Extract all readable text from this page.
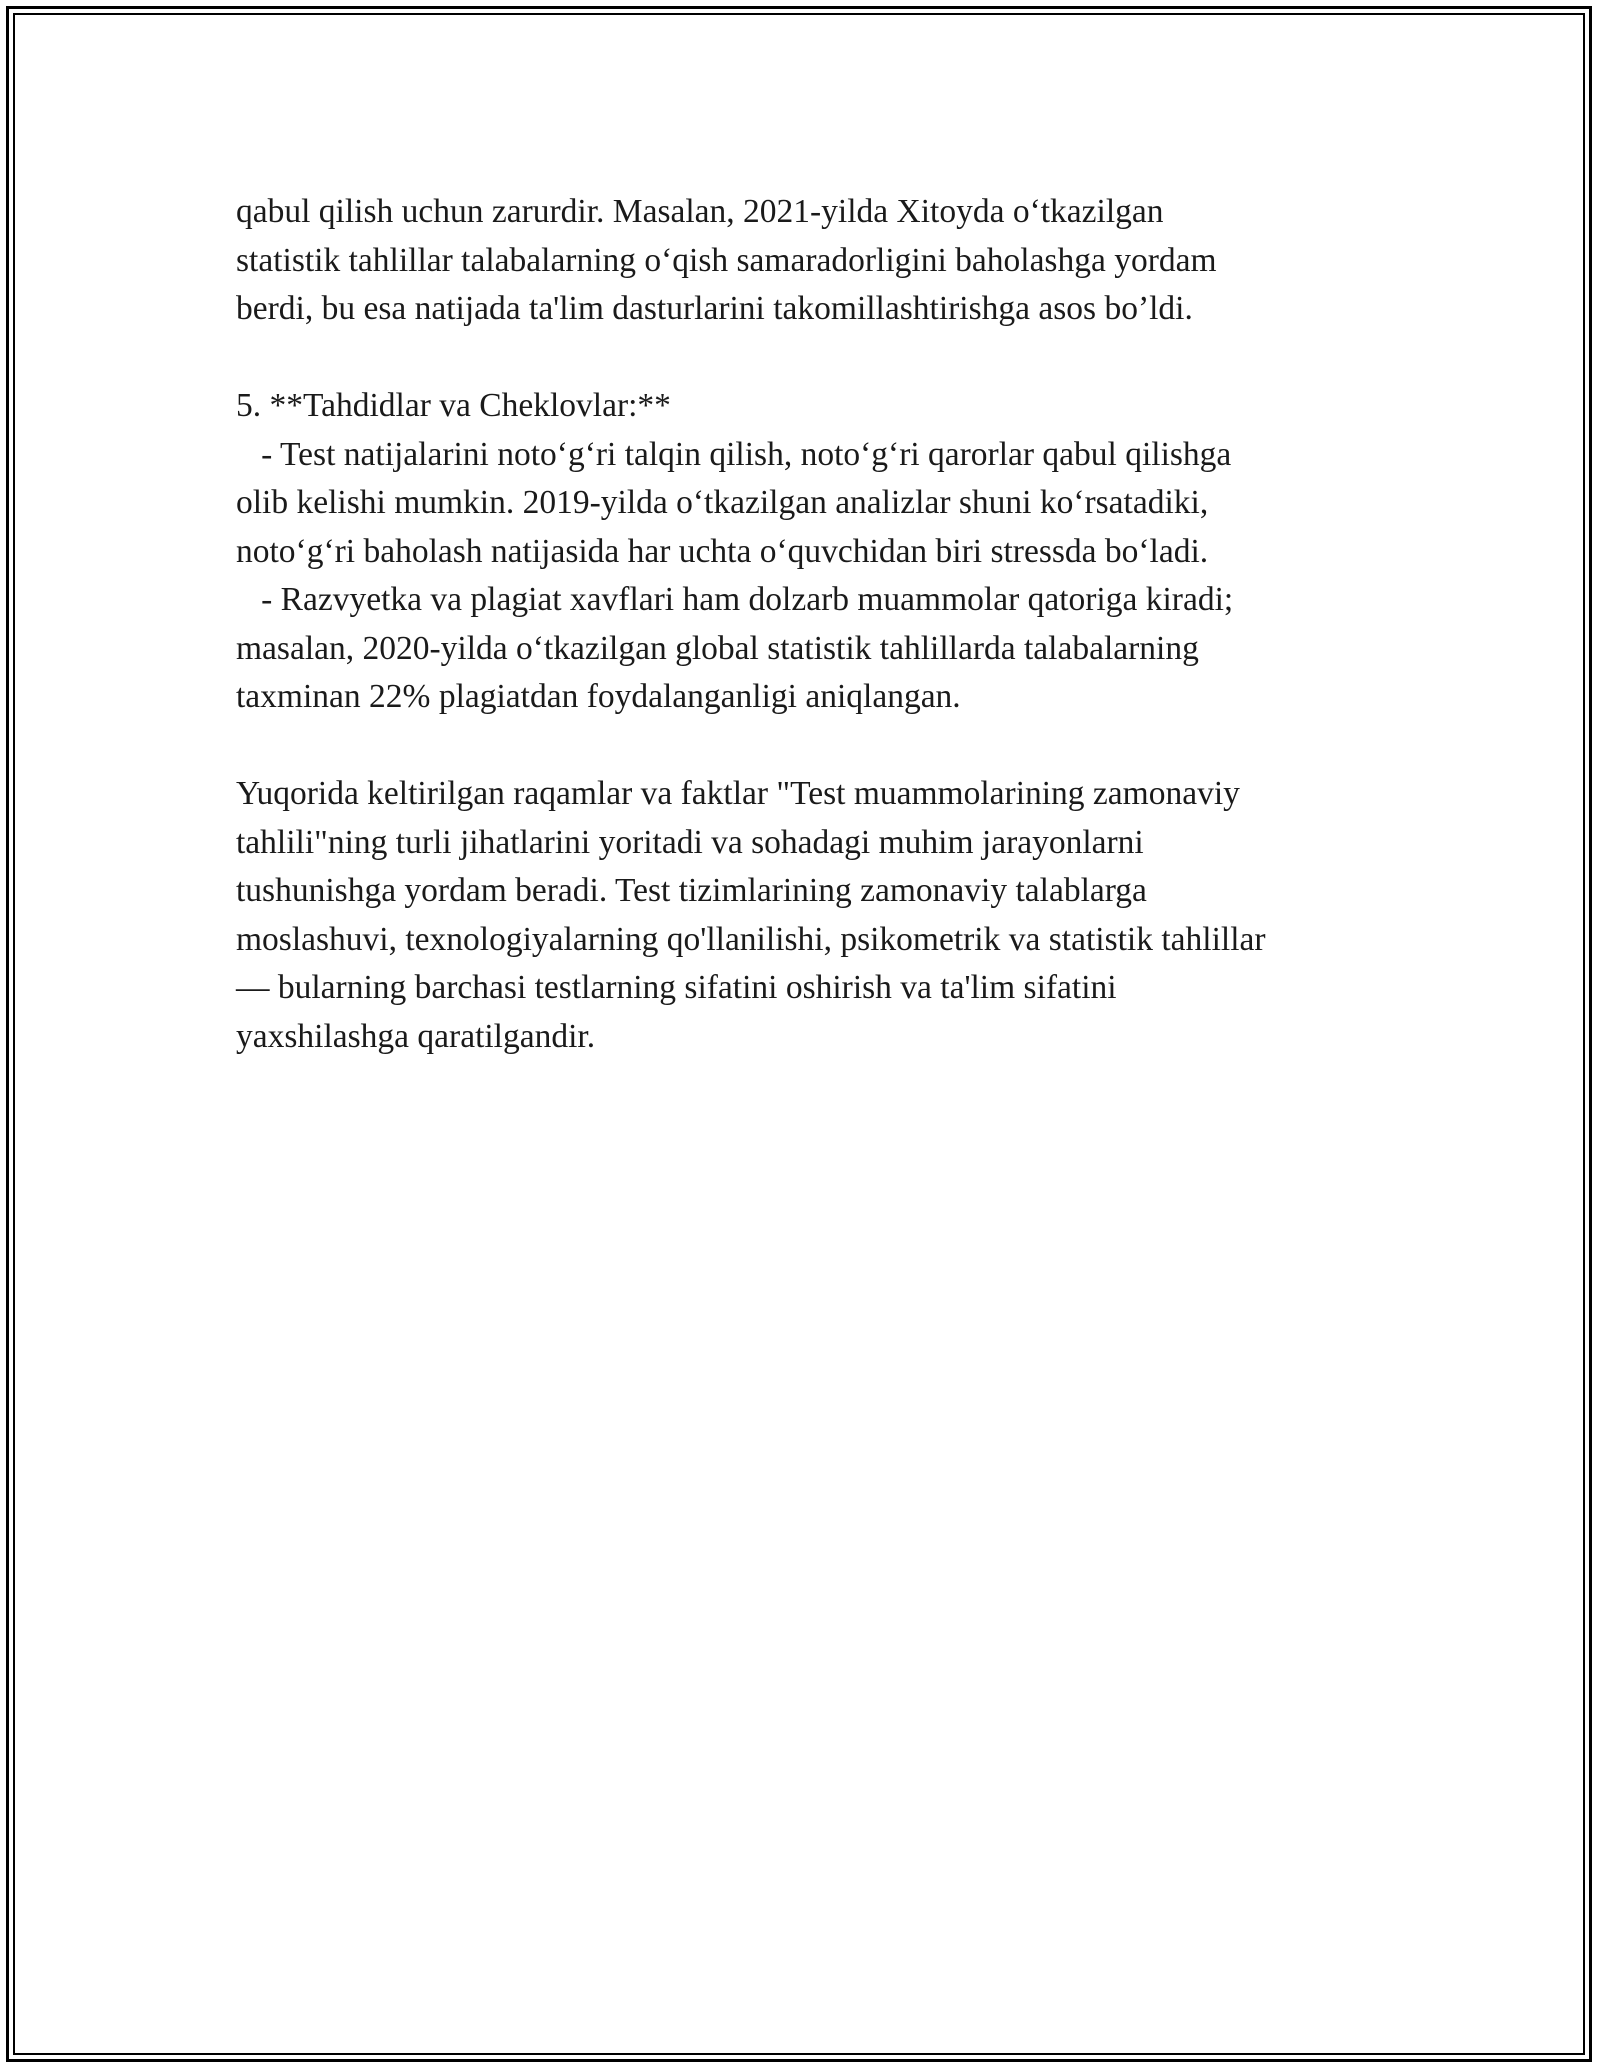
qabul qilish uchun zarurdir. Masalan, 2021-yilda Xitoyda o‘tkazilgan
statistik tahlillar talabalarning o‘qish samaradorligini baholashga yordam
berdi, bu esa natijada ta'lim dasturlarini takomillashtirishga asos bo’ldi.
5. **Tahdidlar va Cheklovlar:**
- Test natijalarini noto‘g‘ri talqin qilish, noto‘g‘ri qarorlar qabul qilishga
olib kelishi mumkin. 2019-yilda o‘tkazilgan analizlar shuni ko‘rsatadiki,
noto‘g‘ri baholash natijasida har uchta o‘quvchidan biri stressda bo‘ladi.
- Razvyetka va plagiat xavflari ham dolzarb muammolar qatoriga kiradi;
masalan, 2020-yilda o‘tkazilgan global statistik tahlillarda talabalarning
taxminan 22% plagiatdan foydalanganligi aniqlangan.
Yuqorida keltirilgan raqamlar va faktlar "Test muammolarining zamonaviy
tahlili"ning turli jihatlarini yoritadi va sohadagi muhim jarayonlarni
tushunishga yordam beradi. Test tizimlarining zamonaviy talablarga
moslashuvi, texnologiyalarning qo'llanilishi, psikometrik va statistik tahlillar
— bularning barchasi testlarning sifatini oshirish va ta'lim sifatini
yaxshilashga qaratilgandir.
